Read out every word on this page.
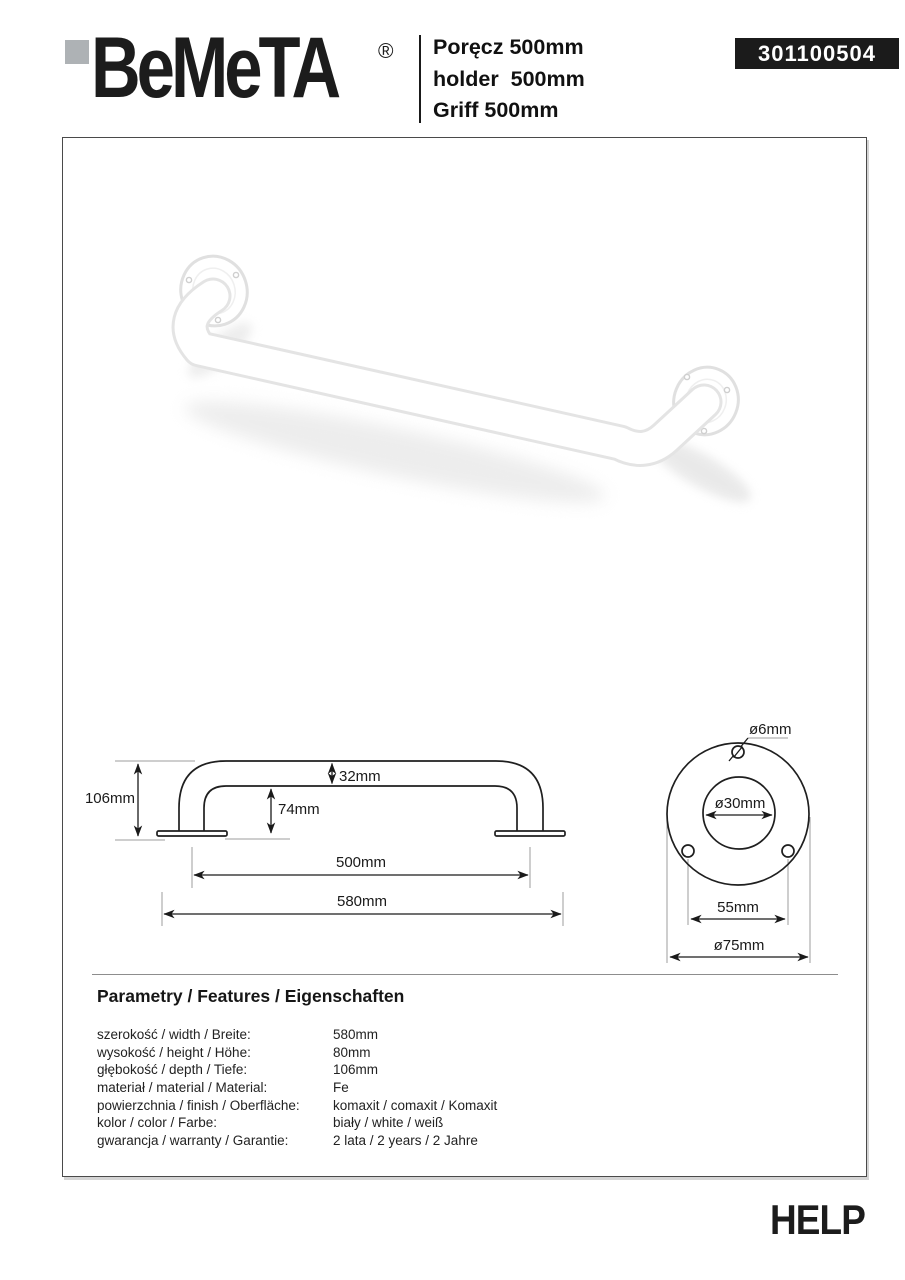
BeMeTA ® Poręcz 500mm
holder  500mm
Griff 500mm
301100504
106mm
32mm
74mm
500mm
580mm
ø6mm
ø30mm
55mm
ø75mm
Parametry / Features / Eigenschaften
szerokość / width / Breite:	580mm
wysokość / height / Höhe:	80mm
głębokość / depth / Tiefe:	106mm
materiał / material / Material:	Fe
powierzchnia / finish / Oberfläche:	komaxit / comaxit / Komaxit
kolor / color / Farbe:	biały / white / weiß
gwarancja / warranty / Garantie:	2 lata / 2 years / 2 Jahre
HELP
